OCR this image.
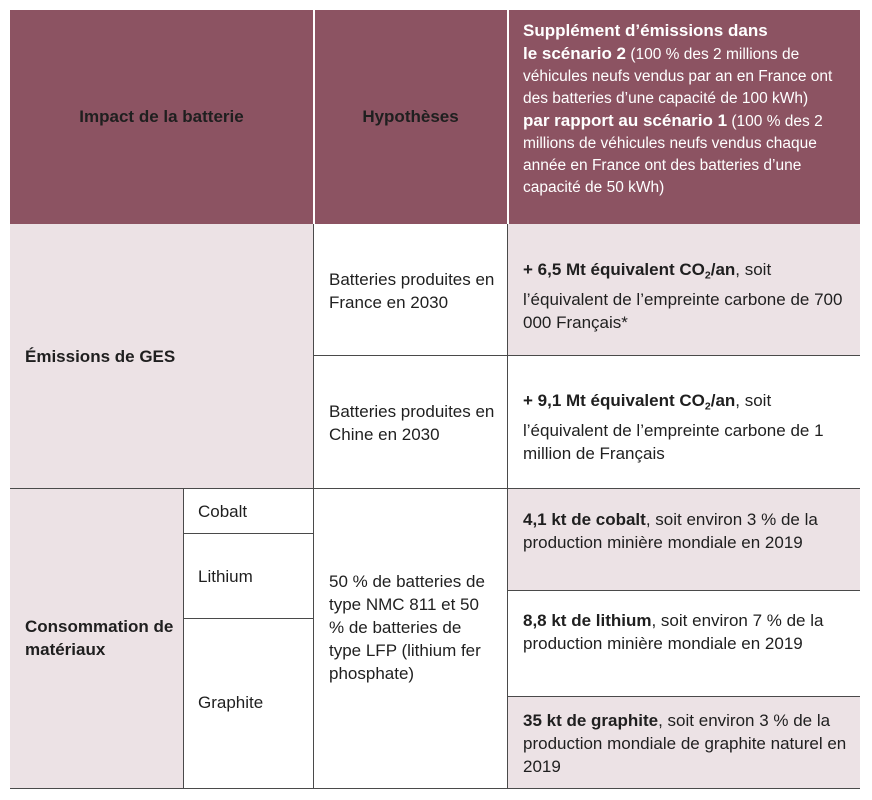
Impact de la batterie	Hypothèses
Supplément d’émissions dans
le scénario 2 (100 % des 2 millions de véhicules neufs vendus par an en France ont des batteries d’une capacité de 100 kWh)
par rapport au scénario 1 (100 % des 2 millions de véhicules neufs vendus chaque année en France ont des batteries d’une capacité de 50 kWh)
Émissions de GES
Batteries produites en France en 2030
+ 6,5 Mt équivalent $CO_2/an$, soit l’équivalent de l’empreinte carbone de 700 000 Français*
Batteries produites en Chine en 2030
+ 9,1 Mt équivalent $CO_2/an$, soit l’équivalent de l’empreinte carbone de 1 million de Français
Consommation de matériaux
Cobalt
Lithium
Graphite
50 % de batteries de type NMC 811 et 50 % de batteries de type LFP (lithium fer phosphate)
4,1 kt de cobalt, soit environ 3 % de la production minière mondiale en 2019
8,8 kt de lithium, soit environ 7 % de la production minière mondiale en 2019
35 kt de graphite, soit environ 3 % de la production mondiale de graphite naturel en 2019
